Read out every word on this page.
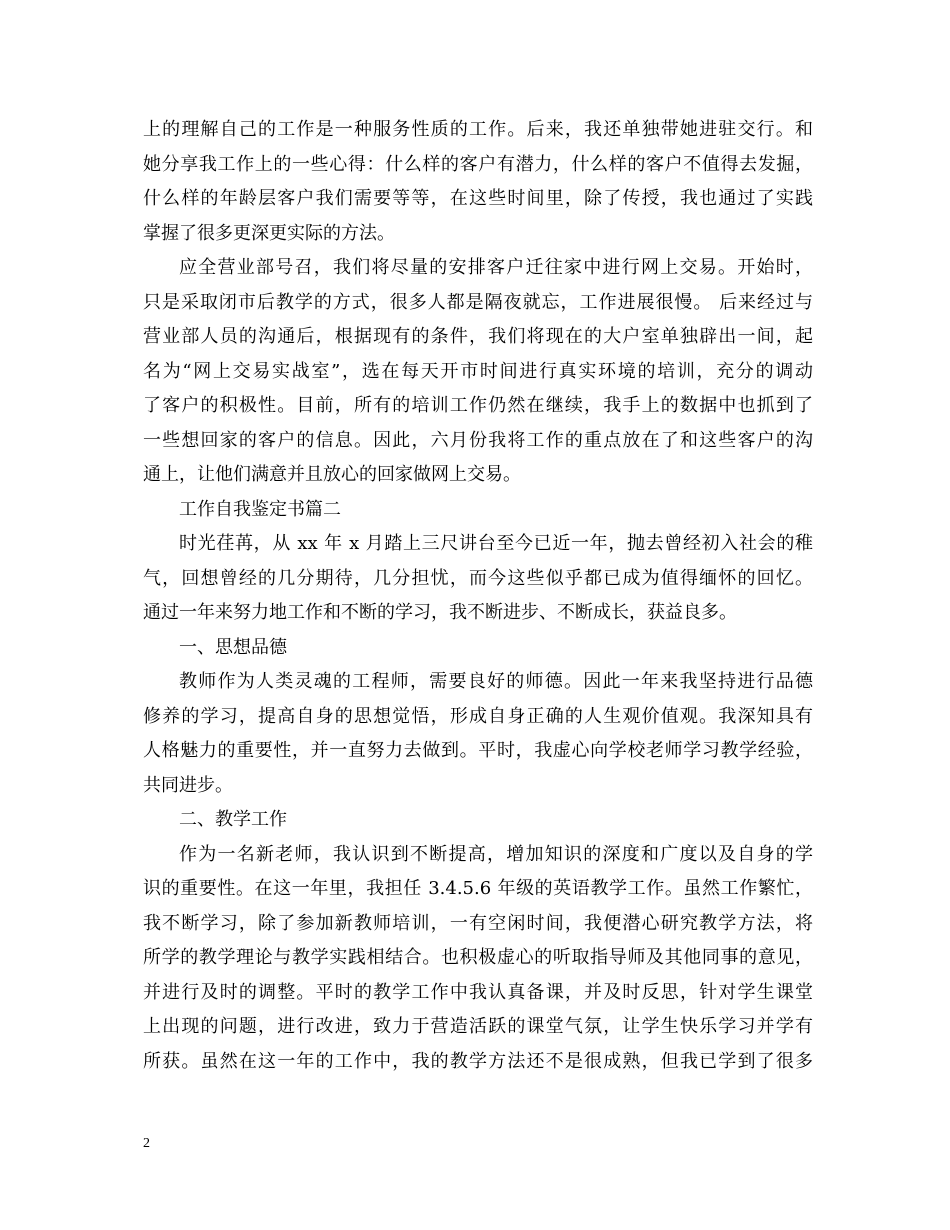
上的理解自己的工作是一种服务性质的工作。后来，我还单独带她进驻交行。和
她分享我工作上的一些心得：什么样的客户有潜力，什么样的客户不值得去发掘，
什么样的年龄层客户我们需要等等，在这些时间里，除了传授，我也通过了实践
掌握了很多更深更实际的方法。
应全营业部号召，我们将尽量的安排客户迁往家中进行网上交易。开始时，
只是采取闭市后教学的方式，很多人都是隔夜就忘，工作进展很慢。 后来经过与
营业部人员的沟通后，根据现有的条件，我们将现在的大户室单独辟出一间，起
名为“网上交易实战室”，选在每天开市时间进行真实环境的培训，充分的调动
了客户的积极性。目前，所有的培训工作仍然在继续，我手上的数据中也抓到了
一些想回家的客户的信息。因此，六月份我将工作的重点放在了和这些客户的沟
通上，让他们满意并且放心的回家做网上交易。
工作自我鉴定书篇二
时光荏苒，从 xx 年 x 月踏上三尺讲台至今已近一年，抛去曾经初入社会的稚
气，回想曾经的几分期待，几分担忧，而今这些似乎都已成为值得缅怀的回忆。
通过一年来努力地工作和不断的学习，我不断进步、不断成长，获益良多。
一、思想品德
教师作为人类灵魂的工程师，需要良好的师德。因此一年来我坚持进行品德
修养的学习，提高自身的思想觉悟，形成自身正确的人生观价值观。我深知具有
人格魅力的重要性，并一直努力去做到。平时，我虚心向学校老师学习教学经验，
共同进步。
二、教学工作
作为一名新老师，我认识到不断提高，增加知识的深度和广度以及自身的学
识的重要性。在这一年里，我担任 3.4.5.6 年级的英语教学工作。虽然工作繁忙，
我不断学习，除了参加新教师培训，一有空闲时间，我便潜心研究教学方法，将
所学的教学理论与教学实践相结合。也积极虚心的听取指导师及其他同事的意见，
并进行及时的调整。平时的教学工作中我认真备课，并及时反思，针对学生课堂
上出现的问题，进行改进，致力于营造活跃的课堂气氛，让学生快乐学习并学有
所获。虽然在这一年的工作中，我的教学方法还不是很成熟，但我已学到了很多
2
